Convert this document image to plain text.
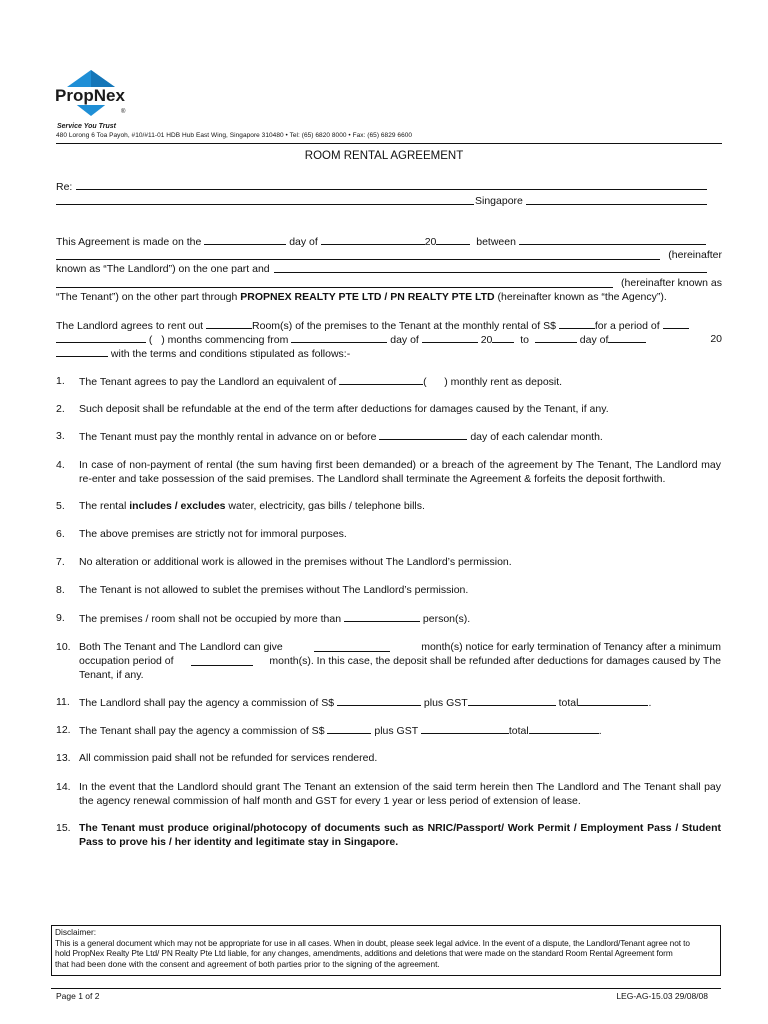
PropNex
®
Service You Trust
480 Lorong 6 Toa Payoh, #10/#11-01 HDB Hub East Wing, Singapore 310480 • Tel: (65) 6820 8000 • Fax: (65) 6829 6600
ROOM RENTAL AGREEMENT
Re:
Singapore
This Agreement is made on the	day of	20	between
(hereinafter
known as “The Landlord”) on the one part and
(hereinafter known as
“The Tenant”) on the other part through PROPNEX REALTY PTE LTD / PN REALTY PTE LTD (hereinafter known as “the Agency”).
The Landlord agrees to rent out	Room(s) of the premises to the Tenant at the monthly rental of S$	for a period of
( ) months commencing from	day of	20	to	day of	20
with the terms and conditions stipulated as follows:-
1. The Tenant agrees to pay the Landlord an equivalent of	( ) monthly rent as deposit.
2. Such deposit shall be refundable at the end of the term after deductions for damages caused by the Tenant, if any.
3. The Tenant must pay the monthly rental in advance on or before	day of each calendar month.
4. In case of non-payment of rental (the sum having first been demanded) or a breach of the agreement by The Tenant, The Landlord may re-enter and take possession of the said premises. The Landlord shall terminate the Agreement & forfeits the deposit forthwith.
5. The rental includes / excludes water, electricity, gas bills / telephone bills.
6. The above premises are strictly not for immoral purposes.
7. No alteration or additional work is allowed in the premises without The Landlord’s permission.
8. The Tenant is not allowed to sublet the premises without The Landlord’s permission.
9. The premises / room shall not be occupied by more than	person(s).
10. Both The Tenant and The Landlord can give	month(s) notice for early termination of Tenancy after a minimum
occupation period of	month(s). In this case, the deposit shall be refunded after deductions for damages caused by The
Tenant, if any.
11. The Landlord shall pay the agency a commission of S$	plus GST	total	.
12. The Tenant shall pay the agency a commission of S$	plus GST	total	.
13. All commission paid shall not be refunded for services rendered.
14. In the event that the Landlord should grant The Tenant an extension of the said term herein then The Landlord and The Tenant shall pay the agency renewal commission of half month and GST for every 1 year or less period of extension of lease.
15. The Tenant must produce original/photocopy of documents such as NRIC/Passport/ Work Permit / Employment Pass / Student Pass to prove his / her identity and legitimate stay in Singapore.
Disclaimer:
This is a general document which may not be appropriate for use in all cases. When in doubt, please seek legal advice. In the event of a dispute, the Landlord/Tenant agree not to
hold PropNex Realty Pte Ltd/ PN Realty Pte Ltd liable, for any changes, amendments, additions and deletions that were made on the standard Room Rental Agreement form
that had been done with the consent and agreement of both parties prior to the signing of the agreement.
Page 1 of 2	LEG-AG-15.03 29/08/08
